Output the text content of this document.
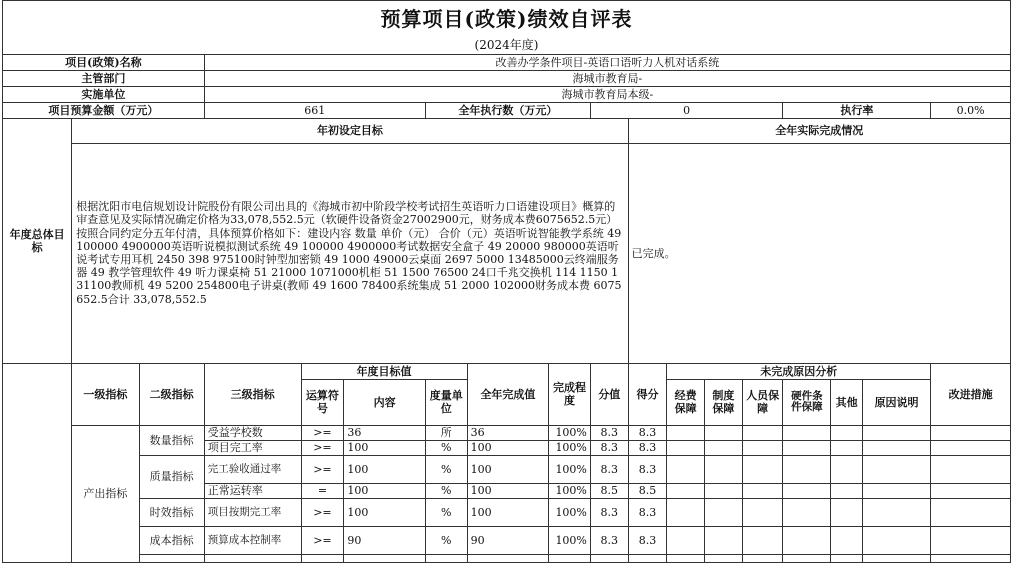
预算项目(政策)绩效自评表																	
(2024年度)																	
项目(政策)名称			改善办学条件项目-英语口语听力人机对话系统														
主管部门			海城市教育局-														
实施单位			海城市教育局本级-														
项目预算金额（万元）			661			全年执行数（万元）			0					执行率			0.0%
年度总体目标	年初设定目标									全年实际完成情况							
	根据沈阳市电信规划设计院股份有限公司出具的《海城市初中阶段学校考试招生英语听力口语建设项目》概算的审查意见及实际情况确定价格为33,078,552.5元（软硬件设备资金27002900元，财务成本费6075652.5元）按照合同约定分五年付清，具体预算价格如下：建设内容 数量 单价（元） 合价（元）英语听说智能教学系统 49 100000 4900000英语听说模拟测试系统 49 100000 4900000考试数据安全盒子 49 20000 980000英语听说考试专用耳机 2450 398 975100时钟型加密锁 49 1000 49000云桌面 2697 5000 13485000云终端服务器 49 教学管理软件 49 听力课桌椅 51 21000 1071000机柜 51 1500 76500 24口千兆交换机 114 1150 131100教师机 49 5200 254800电子讲桌(教师 49 1600 78400系统集成 51 2000 102000财务成本费 6075652.5合计 33,078,552.5									已完成。							
	一级指标	二级指标	三级指标	年度目标值			全年完成值	完成程度	分值	得分	未完成原因分析						改进措施
				运算符号	内容	度量单位					经费保障	制度保障	人员保障	硬件条件保障	其他	原因说明	
	产出指标	数量指标	受益学校数	>=	36	所	36	100%	8.3	8.3							
			项目完工率	>=	100	%	100	100%	8.3	8.3							
		质量指标	完工验收通过率	>=	100	%	100	100%	8.3	8.3							
			正常运转率	=	100	%	100	100%	8.5	8.5							
		时效指标	项目按期完工率	>=	100	%	100	100%	8.3	8.3							
		成本指标	预算成本控制率	>=	90	%	90	100%	8.3	8.3							
